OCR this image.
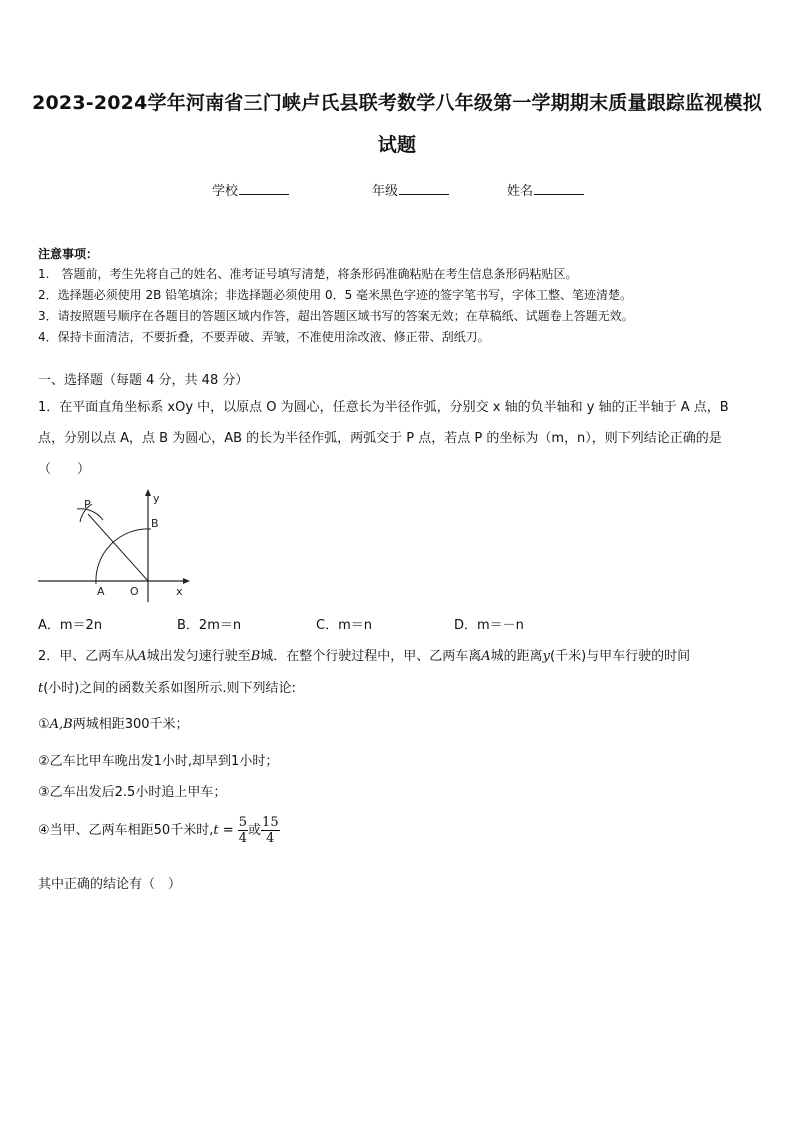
2023-2024学年河南省三门峡卢氏县联考数学八年级第一学期期末质量跟踪监视模拟
试题
学校	年级	姓名
注意事项：
1.　答题前，考生先将自己的姓名、准考证号填写清楚，将条形码准确粘贴在考生信息条形码粘贴区。
2．选择题必须使用 2B 铅笔填涂；非选择题必须使用 0．5 毫米黑色字迹的签字笔书写，字体工整、笔迹清楚。
3．请按照题号顺序在各题目的答题区域内作答，超出答题区域书写的答案无效；在草稿纸、试题卷上答题无效。
4．保持卡面清洁，不要折叠，不要弄破、弄皱，不准使用涂改液、修正带、刮纸刀。
一、选择题（每题 4 分，共 48 分）
1．在平面直角坐标系 xOy 中，以原点 O 为圆心，任意长为半径作弧，分别交 x 轴的负半轴和 y 轴的正半轴于 A 点，B
点，分别以点 A，点 B 为圆心，AB 的长为半径作弧，两弧交于 P 点，若点 P 的坐标为（m，n），则下列结论正确的是
（　　）
P	y
B
A O	x
A．m＝2n	B．2m＝n	C．m＝n	D．m＝－n
2．甲、乙两车从A城出发匀速行驶至B城．在整个行驶过程中，甲、乙两车离A城的距离y(千米)与甲车行驶的时间
t(小时)之间的函数关系如图所示.则下列结论:
①A,B两城相距300千米；
②乙车比甲车晚出发1小时,却早到1小时；
③乙车出发后2.5小时追上甲车；
④当甲、乙两车相距50千米时$,t = \frac{5}{4}$ 或 $\frac{15}{4}$
其中正确的结论有（　）
